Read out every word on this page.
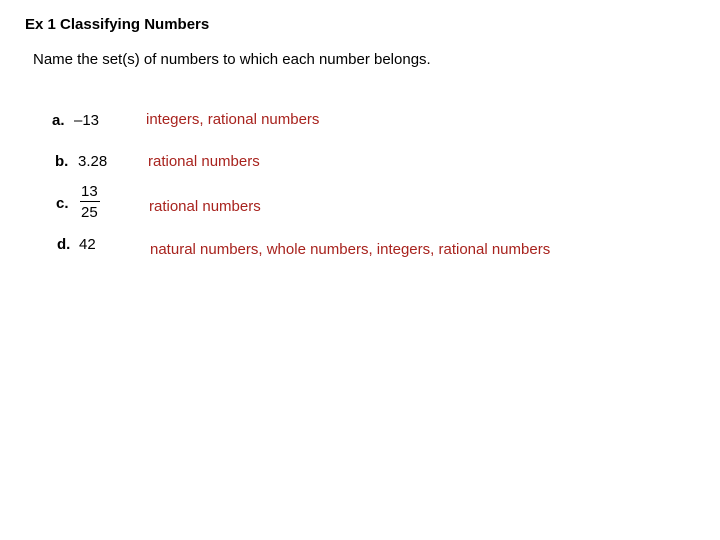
Ex 1 Classifying Numbers
Name the set(s) of numbers to which each number belongs.
a. –13	integers, rational numbers
b. 3.28	rational numbers
c.
13
25	rational numbers
d. 42	natural numbers, whole numbers, integers, rational numbers
